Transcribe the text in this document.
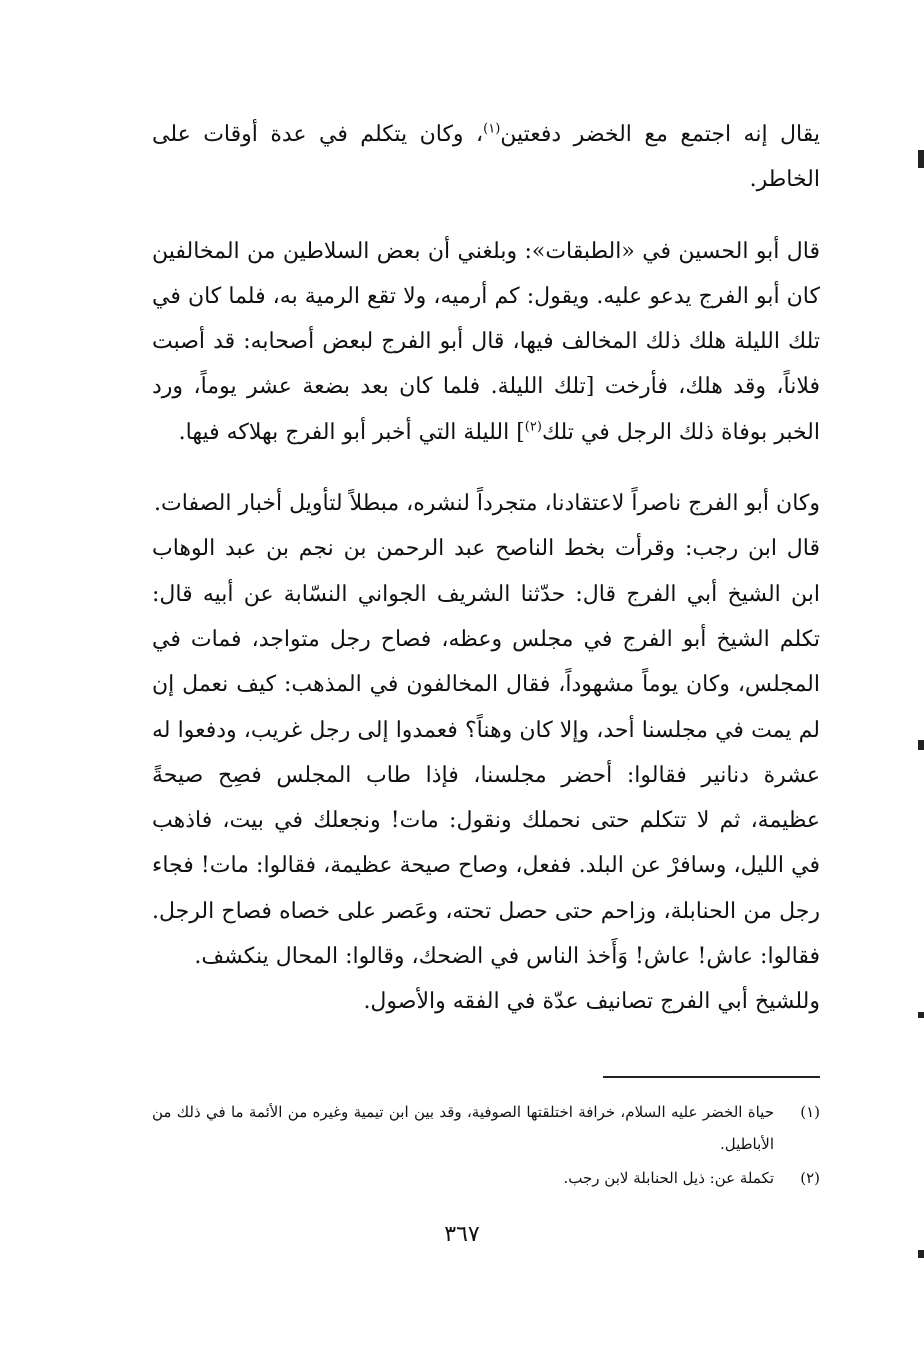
يقال إنه اجتمع مع الخضر دفعتين$^{(١)}$، وكان يتكلم في عدة أوقات على الخاطر.

قال أبو الحسين في «الطبقات»: وبلغني أن بعض السلاطين من المخالفين كان أبو الفرج يدعو عليه. ويقول: كم أرميه، ولا تقع الرمية به، فلما كان في تلك الليلة هلك ذلك المخالف فيها، قال أبو الفرج لبعض أصحابه: قد أصبت فلاناً، وقد هلك، فأرخت [تلك الليلة. فلما كان بعد بضعة عشر يوماً، ورد الخبر بوفاة ذلك الرجل في تلك$^{(٢)}$] الليلة التي أخبر أبو الفرج بهلاكه فيها.

وكان أبو الفرج ناصراً لاعتقادنا، متجرداً لنشره، مبطلاً لتأويل أخبار الصفات.

قال ابن رجب: وقرأت بخط الناصح عبد الرحمن بن نجم بن عبد الوهاب ابن الشيخ أبي الفرج قال: حدّثنا الشريف الجواني النسّابة عن أبيه قال: تكلم الشيخ أبو الفرج في مجلس وعظه، فصاح رجل متواجد، فمات في المجلس، وكان يوماً مشهوداً، فقال المخالفون في المذهب: كيف نعمل إن لم يمت في مجلسنا أحد، وإلا كان وهناً؟ فعمدوا إلى رجل غريب، ودفعوا له عشرة دنانير فقالوا: أحضر مجلسنا، فإذا طاب المجلس فصِح صيحةً عظيمة، ثم لا تتكلم حتى نحملك ونقول: مات! ونجعلك في بيت، فاذهب في الليل، وسافرْ عن البلد. ففعل، وصاح صيحة عظيمة، فقالوا: مات! فجاء رجل من الحنابلة، وزاحم حتى حصل تحته، وعَصر على خصاه فصاح الرجل. فقالوا: عاش! عاش! وَأَخذ الناس في الضحك، وقالوا: المحال ينكشف.

وللشيخ أبي الفرج تصانيف عدّة في الفقه والأصول.

(١)
حياة الخضر عليه السلام، خرافة اختلقتها الصوفية، وقد بين ابن تيمية وغيره من الأئمة ما في ذلك من الأباطيل.
(٢)
تكملة عن: ذيل الحنابلة لابن رجب.
٣٦٧
